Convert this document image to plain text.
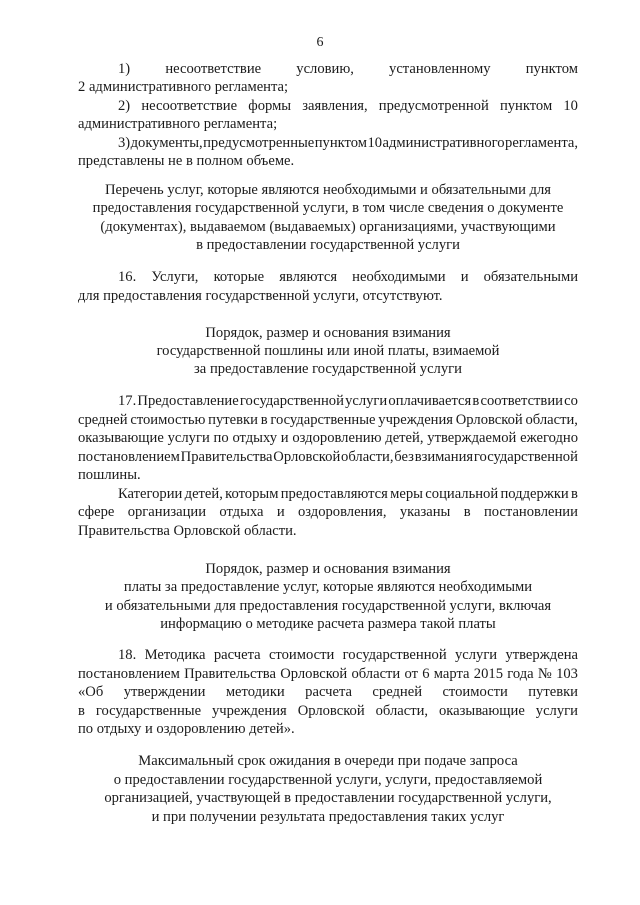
6
1) несоответствие условию, установленному пунктом
2 административного регламента;
2) несоответствие формы заявления, предусмотренной пунктом 10
административного регламента;
3) документы, предусмотренные пунктом 10 административного регламента,
представлены не в полном объеме.
Перечень услуг, которые являются необходимыми и обязательными для
предоставления государственной услуги, в том числе сведения о документе
(документах), выдаваемом (выдаваемых) организациями, участвующими
в предоставлении государственной услуги
16. Услуги, которые являются необходимыми и обязательными
для предоставления государственной услуги, отсутствуют.
Порядок, размер и основания взимания
государственной пошлины или иной платы, взимаемой
за предоставление государственной услуги
17. Предоставление государственной услуги оплачивается в соответствии со
средней стоимостью путевки в государственные учреждения Орловской области,
оказывающие услуги по отдыху и оздоровлению детей, утверждаемой ежегодно
постановлением Правительства Орловской области, без взимания государственной
пошлины.
Категории детей, которым предоставляются меры социальной поддержки в
сфере организации отдыха и оздоровления, указаны в постановлении
Правительства Орловской области.
Порядок, размер и основания взимания
платы за предоставление услуг, которые являются необходимыми
и обязательными для предоставления государственной услуги, включая
информацию о методике расчета размера такой платы
18. Методика расчета стоимости государственной услуги утверждена
постановлением Правительства Орловской области от 6 марта 2015 года № 103
«Об утверждении методики расчета средней стоимости путевки
в государственные учреждения Орловской области, оказывающие услуги
по отдыху и оздоровлению детей».
Максимальный срок ожидания в очереди при подаче запроса
о предоставлении государственной услуги, услуги, предоставляемой
организацией, участвующей в предоставлении государственной услуги,
и при получении результата предоставления таких услуг
